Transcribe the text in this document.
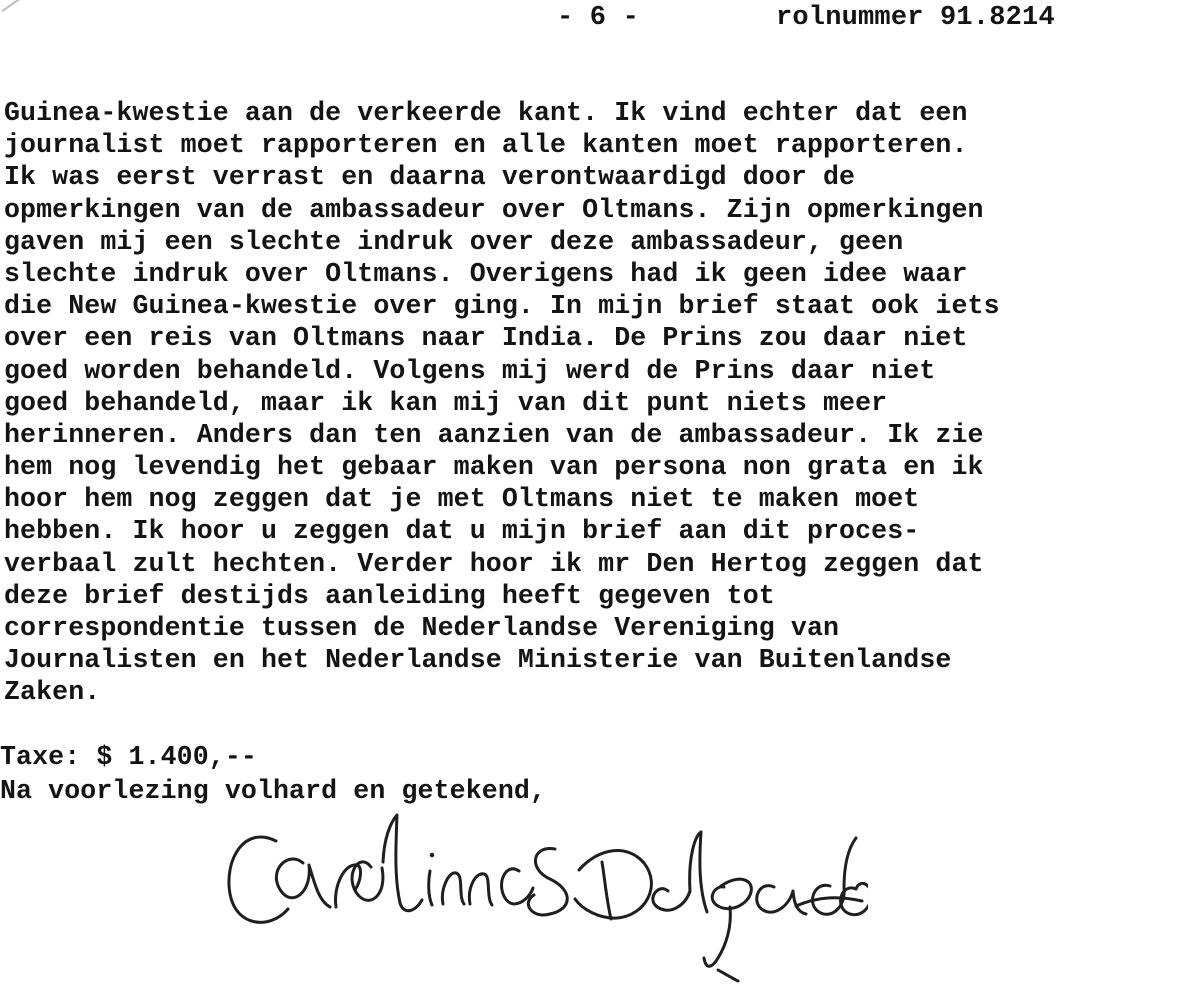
- 6 -	rolnummer 91.8214
Guinea-kwestie aan de verkeerde kant. Ik vind echter dat een
journalist moet rapporteren en alle kanten moet rapporteren.
Ik was eerst verrast en daarna verontwaardigd door de
opmerkingen van de ambassadeur over Oltmans. Zijn opmerkingen
gaven mij een slechte indruk over deze ambassadeur, geen
slechte indruk over Oltmans. Overigens had ik geen idee waar
die New Guinea-kwestie over ging. In mijn brief staat ook iets
over een reis van Oltmans naar India. De Prins zou daar niet
goed worden behandeld. Volgens mij werd de Prins daar niet
goed behandeld, maar ik kan mij van dit punt niets meer
herinneren. Anders dan ten aanzien van de ambassadeur. Ik zie
hem nog levendig het gebaar maken van persona non grata en ik
hoor hem nog zeggen dat je met Oltmans niet te maken moet
hebben. Ik hoor u zeggen dat u mijn brief aan dit proces-
verbaal zult hechten. Verder hoor ik mr Den Hertog zeggen dat
deze brief destijds aanleiding heeft gegeven tot
correspondentie tussen de Nederlandse Vereniging van
Journalisten en het Nederlandse Ministerie van Buitenlandse
Zaken.
Taxe: $ 1.400,--
Na voorlezing volhard en getekend,
